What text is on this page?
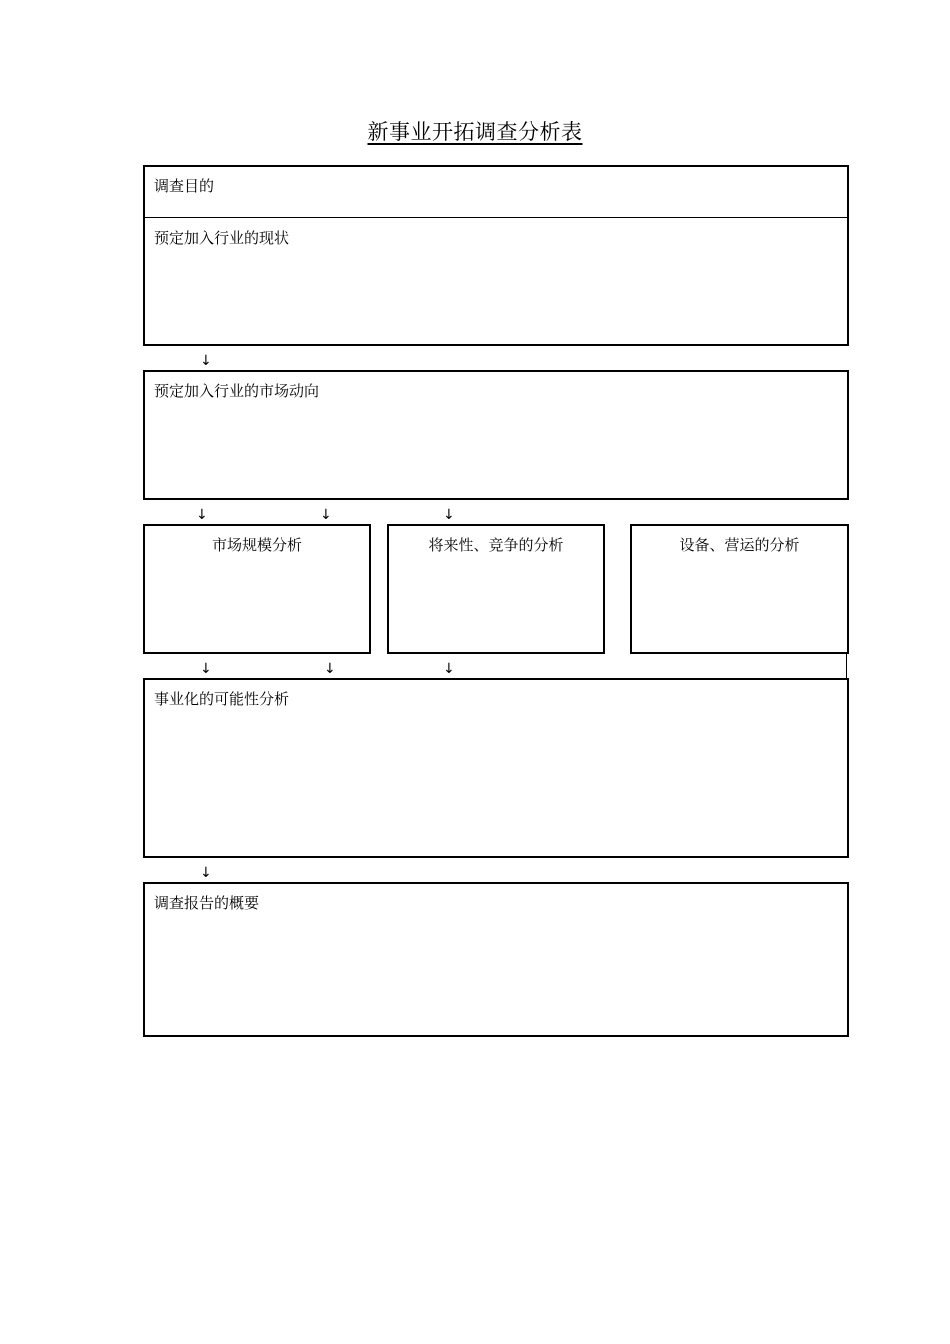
新事业开拓调查分析表
调查目的
预定加入行业的现状
↓
预定加入行业的市场动向
↓	↓	↓
市场规模分析	将来性、竞争的分析	设备、营运的分析
↓	↓	↓
事业化的可能性分析
↓
调查报告的概要
